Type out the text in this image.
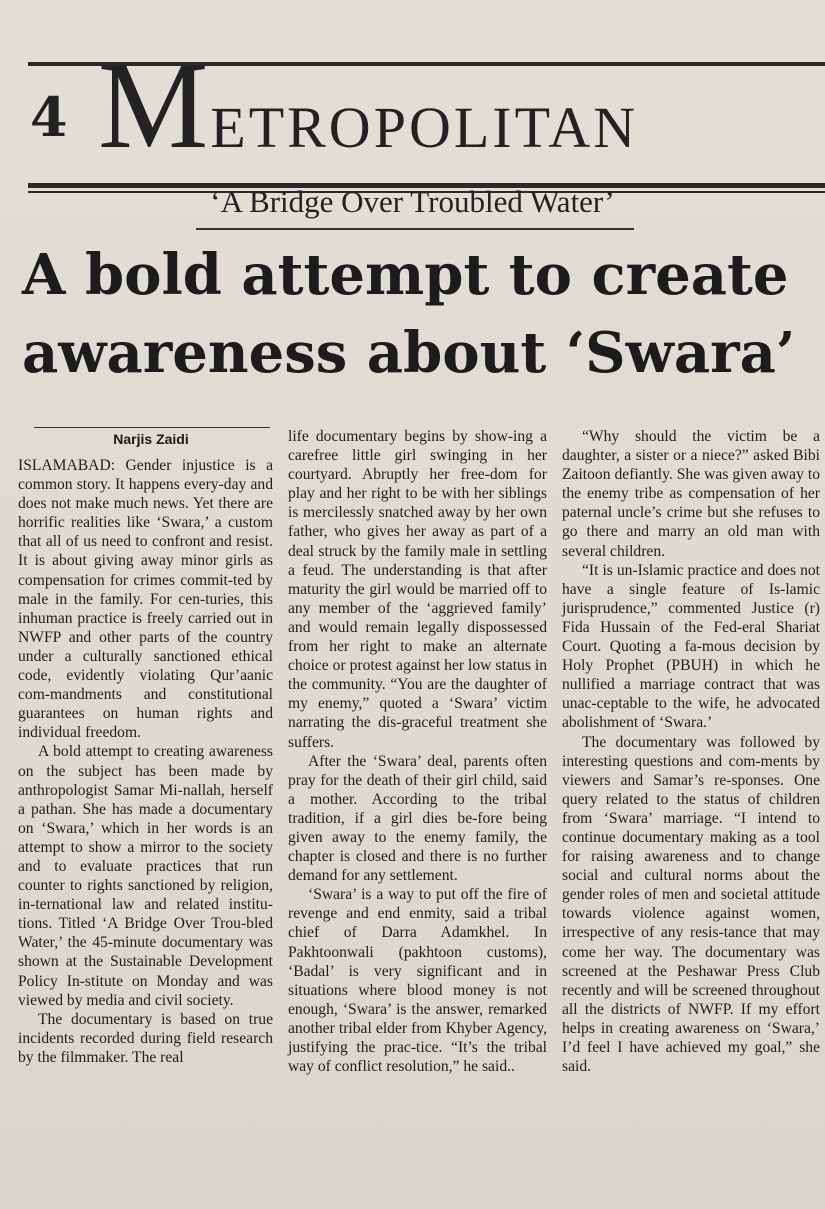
4 METROPOLITAN
‘A Bridge Over Troubled Water’
A bold attempt to create
awareness about ‘Swara’
Narjis Zaidi

ISLAMABAD: Gender injustice is a common story. It happens every-day and does not make much news. Yet there are horrific realities like ‘Swara,’ a custom that all of us need to confront and resist. It is about giving away minor girls as compensation for crimes commit-ted by male in the family. For cen-turies, this inhuman practice is freely carried out in NWFP and other parts of the country under a culturally sanctioned ethical code, evidently violating Qur’aanic com-mandments and constitutional guarantees on human rights and individual freedom.

A bold attempt to creating awareness on the subject has been made by anthropologist Samar Mi-nallah, herself a pathan. She has made a documentary on ‘Swara,’ which in her words is an attempt to show a mirror to the society and to evaluate practices that run counter to rights sanctioned by religion, in-ternational law and related institu-tions. Titled ‘A Bridge Over Trou-bled Water,’ the 45-minute documentary was shown at the Sustainable Development Policy In-stitute on Monday and was viewed by media and civil society.

The documentary is based on true incidents recorded during field research by the filmmaker. The real

life documentary begins by show-ing a carefree little girl swinging in her courtyard. Abruptly her free-dom for play and her right to be with her siblings is mercilessly snatched away by her own father, who gives her away as part of a deal struck by the family male in settling a feud. The understanding is that after maturity the girl would be married off to any member of the ‘aggrieved family’ and would remain legally dispossessed from her right to make an alternate choice or protest against her low status in the community. “You are the daughter of my enemy,” quoted a ‘Swara’ victim narrating the dis-graceful treatment she suffers.

After the ‘Swara’ deal, parents often pray for the death of their girl child, said a mother. According to the tribal tradition, if a girl dies be-fore being given away to the enemy family, the chapter is closed and there is no further demand for any settlement.

‘Swara’ is a way to put off the fire of revenge and end enmity, said a tribal chief of Darra Adamkhel. In Pakhtoonwali (pakhtoon customs), ‘Badal’ is very significant and in situations where blood money is not enough, ‘Swara’ is the answer, remarked another tribal elder from Khyber Agency, justifying the prac-tice. “It’s the tribal way of conflict resolution,” he said..

“Why should the victim be a daughter, a sister or a niece?” asked Bibi Zaitoon defiantly. She was given away to the enemy tribe as compensation of her paternal uncle’s crime but she refuses to go there and marry an old man with several children.

“It is un-Islamic practice and does not have a single feature of Is-lamic jurisprudence,” commented Justice (r) Fida Hussain of the Fed-eral Shariat Court. Quoting a fa-mous decision by Holy Prophet (PBUH) in which he nullified a marriage contract that was unac-ceptable to the wife, he advocated abolishment of ‘Swara.’

The documentary was followed by interesting questions and com-ments by viewers and Samar’s re-sponses. One query related to the status of children from ‘Swara’ marriage. “I intend to continue documentary making as a tool for raising awareness and to change social and cultural norms about the gender roles of men and societal attitude towards violence against women, irrespective of any resis-tance that may come her way. The documentary was screened at the Peshawar Press Club recently and will be screened throughout all the districts of NWFP. If my effort helps in creating awareness on ‘Swara,’ I’d feel I have achieved my goal,” she said.
